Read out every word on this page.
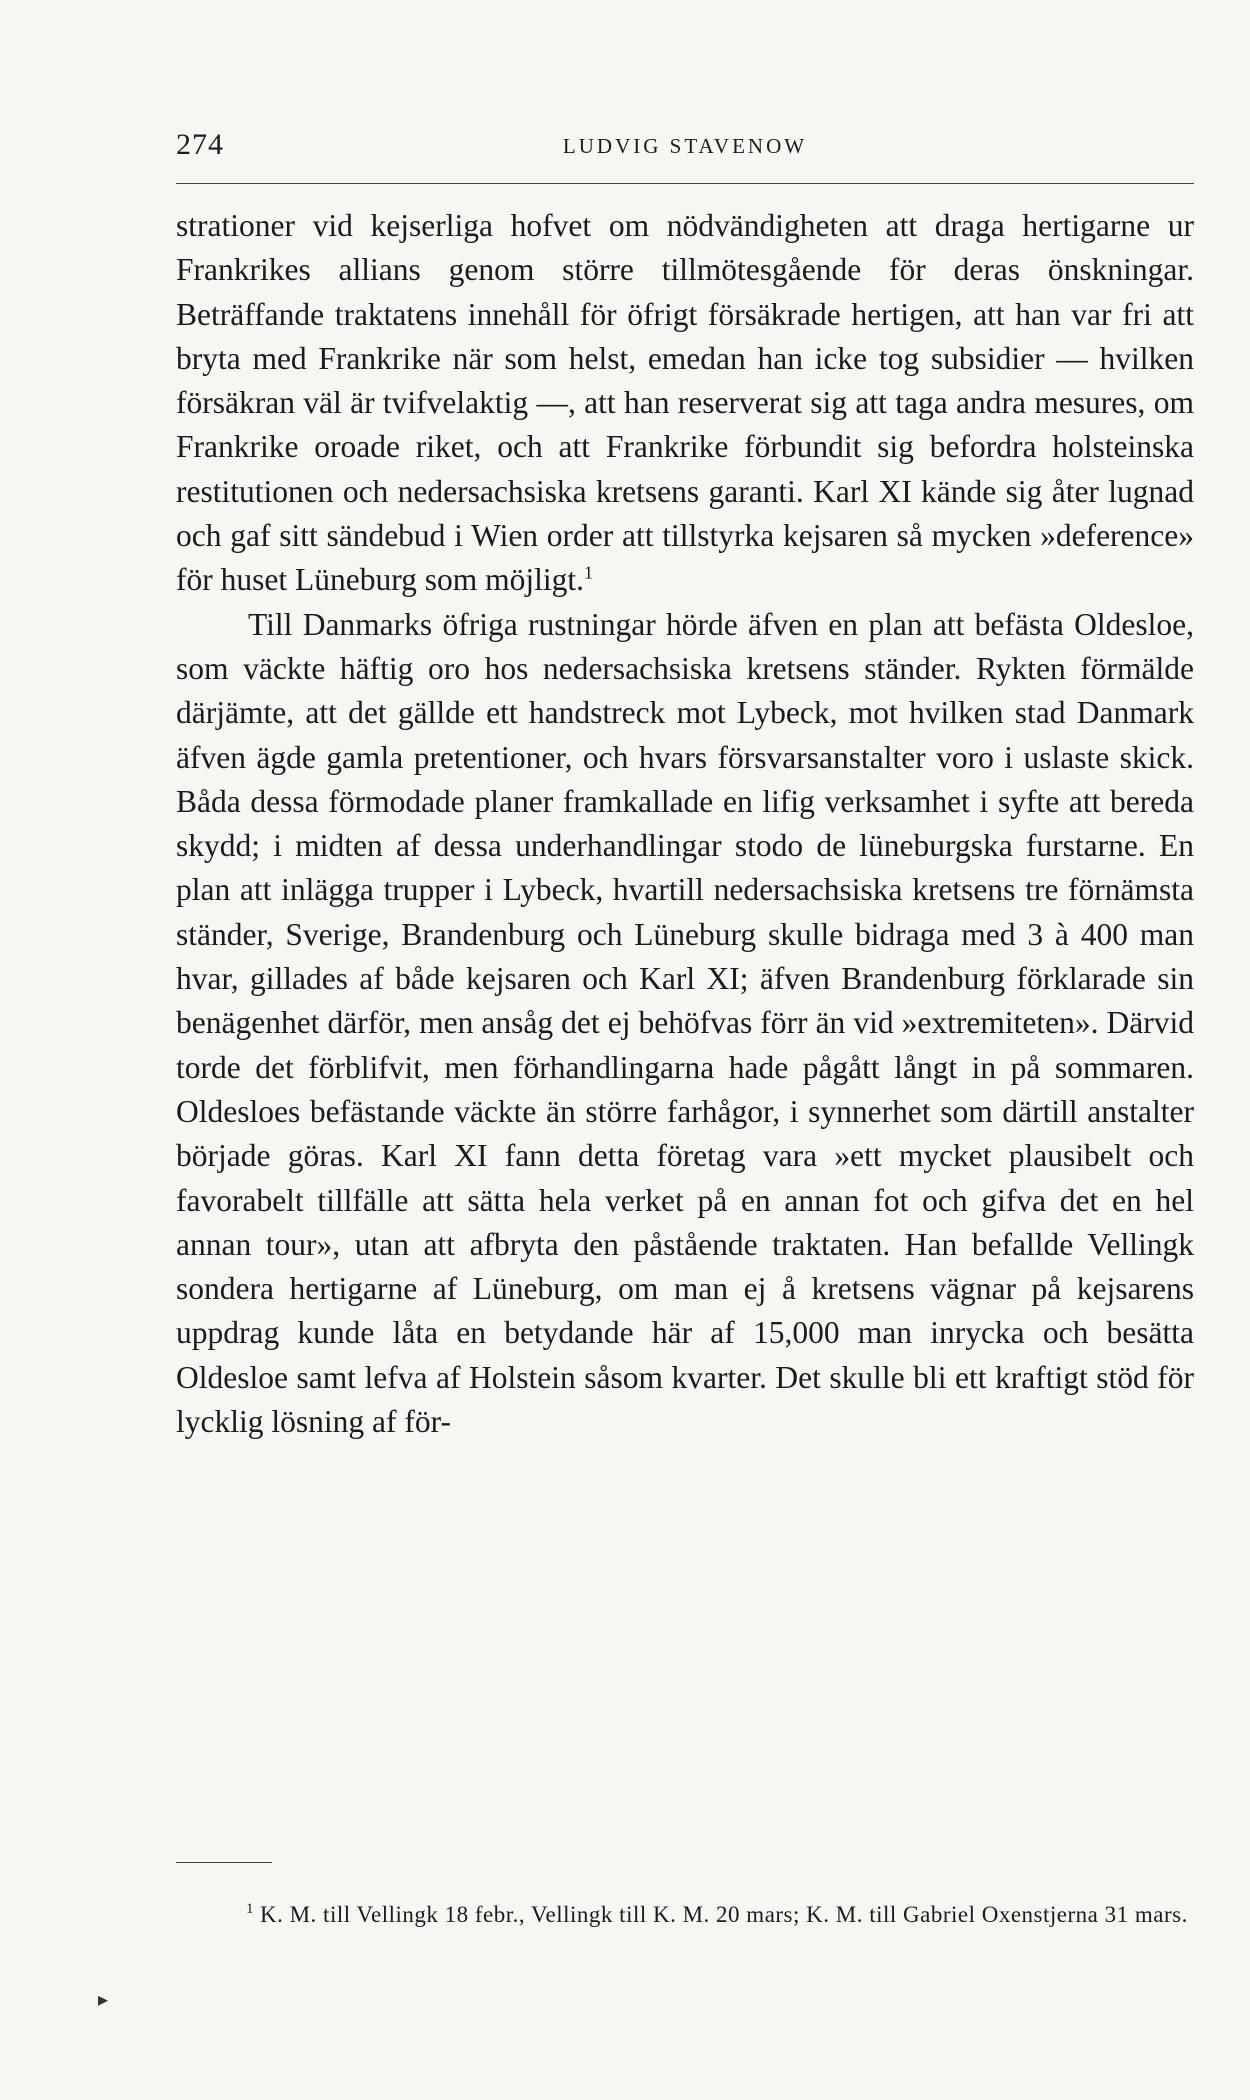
274	LUDVIG STAVENOW

strationer vid kejserliga hofvet om nödvändigheten att draga hertigarne ur Frankrikes allians genom större tillmötesgående för deras önskningar. Beträffande traktatens innehåll för öfrigt försäkrade hertigen, att han var fri att bryta med Frankrike när som helst, emedan han icke tog subsidier — hvilken försäkran väl är tvifvelaktig —, att han reserverat sig att taga andra mesures, om Frankrike oroade riket, och att Frankrike förbundit sig befordra holsteinska restitutionen och nedersachsiska kretsens garanti. Karl XI kände sig åter lugnad och gaf sitt sändebud i Wien order att tillstyrka kejsaren så mycken »deference» för huset Lüneburg som möjligt.$^1$

Till Danmarks öfriga rustningar hörde äfven en plan att befästa Oldesloe, som väckte häftig oro hos nedersachsiska kretsens ständer. Rykten förmälde därjämte, att det gällde ett handstreck mot Lybeck, mot hvilken stad Danmark äfven ägde gamla pretentioner, och hvars försvarsanstalter voro i uslaste skick. Båda dessa förmodade planer framkallade en lifig verksamhet i syfte att bereda skydd; i midten af dessa underhandlingar stodo de lüneburgska furstarne. En plan att inlägga trupper i Lybeck, hvartill nedersachsiska kretsens tre förnämsta ständer, Sverige, Brandenburg och Lüneburg skulle bidraga med 3 à 400 man hvar, gillades af både kejsaren och Karl XI; äfven Brandenburg förklarade sin benägenhet därför, men ansåg det ej behöfvas förr än vid »extremiteten». Därvid torde det förblifvit, men förhandlingarna hade pågått långt in på sommaren. Oldesloes befästande väckte än större farhågor, i synnerhet som därtill anstalter började göras. Karl XI fann detta företag vara »ett mycket plausibelt och favorabelt tillfälle att sätta hela verket på en annan fot och gifva det en hel annan tour», utan att afbryta den påstående traktaten. Han befallde Vellingk sondera hertigarne af Lüneburg, om man ej å kretsens vägnar på kejsarens uppdrag kunde låta en betydande här af 15,000 man inrycka och besätta Oldesloe samt lefva af Holstein såsom kvarter. Det skulle bli ett kraftigt stöd för lycklig lösning af för-

$^1$ K. M. till Vellingk 18 febr., Vellingk till K. M. 20 mars; K. M. till Gabriel Oxenstjerna 31 mars.
▸
